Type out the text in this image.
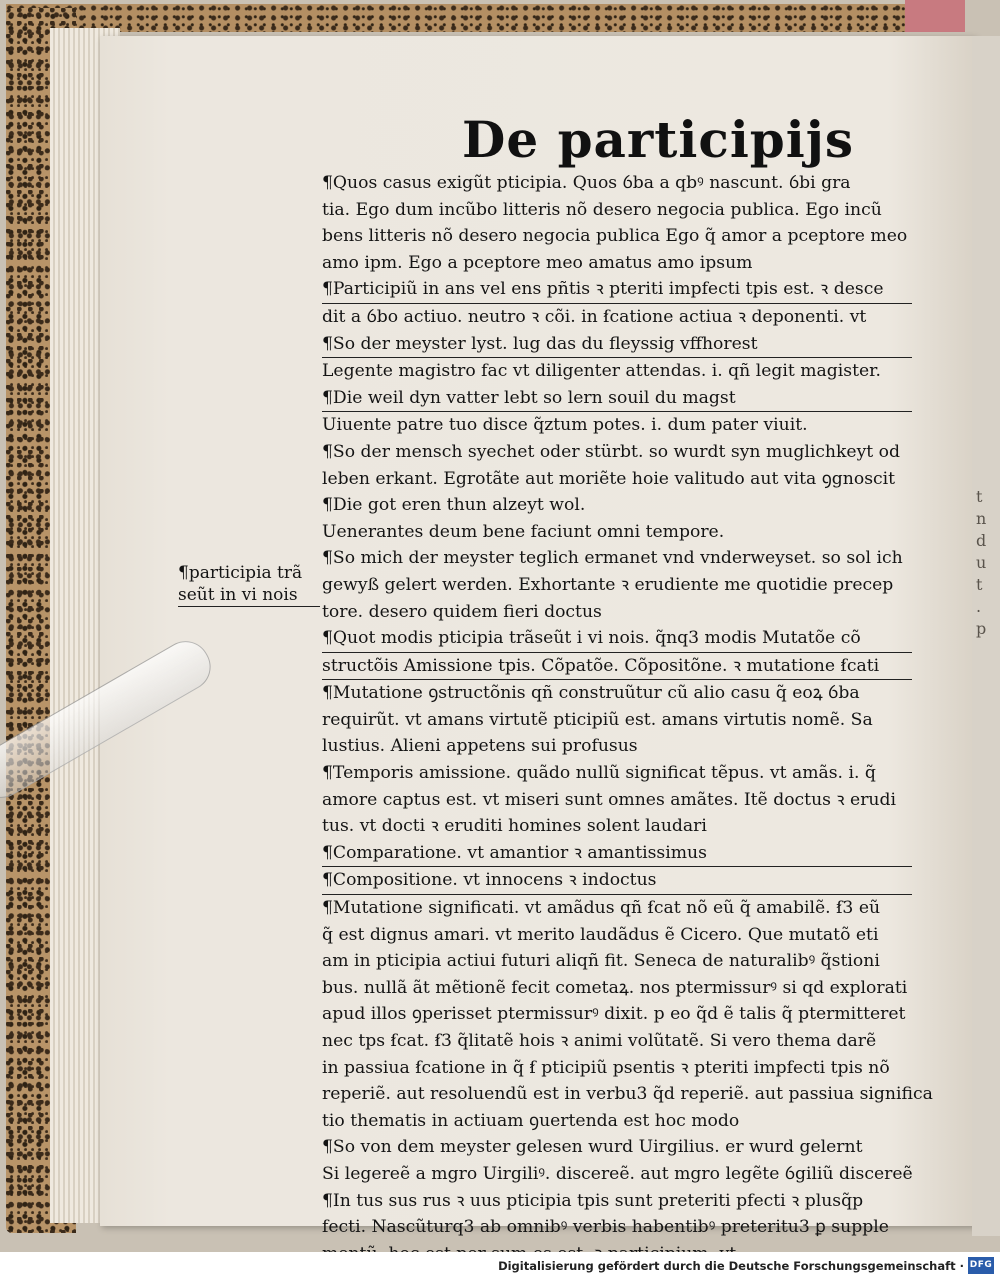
t
n
d
u
t
.
p
De participijs
¶participia trã
seũt in vi nois
¶Quos casus exigũt pticipia. Quos ỽba a qbꝰ nascunt. ỽbi gra
tia. Ego dum incũbo litteris nõ desero negocia publica. Ego incũ
bens litteris nõ desero negocia publica Ego q̃ amor a pceptore meo
amo ipm. Ego a pceptore meo amatus amo ipsum
¶Participiũ in ans vel ens pñtis ꝛ pteriti impfecti tpis est. ꝛ desce
dit a ỽbo actiuo. neutro ꝛ cõi. in ẜcatione actiua ꝛ deponenti. vt
¶So der meyster lyst. lug das du fleyssig vffhorest
Legente magistro fac vt diligenter attendas. i. qñ legit magister.
¶Die weil dyn vatter lebt so lern souil du magst
Uiuente patre tuo disce q̃ztum potes. i. dum pater viuit.
¶So der mensch syechet oder stürbt. so wurdt syn muglichkeyt od
leben erkant. Egrotãte aut moriẽte hoie valitudo aut vita ꝯgnoscit
¶Die got eren thun alzeyt wol.
Uenerantes deum bene faciunt omni tempore.
¶So mich der meyster teglich ermanet vnd vnderweyset. so sol ich
gewyß gelert werden. Exhortante ꝛ erudiente me quotidie precep
tore. desero quidem fieri doctus
¶Quot modis pticipia trãseũt i vi nois. q̃nq3 modis Mutatõe cõ
structõis Amissione tpis. Cõpatõe. Cõpositõne. ꝛ mutatione ẜcati
¶Mutatione ꝯstructõnis qñ construũtur cũ alio casu q̃ eoꝝ ỽba
requirũt. vt amans virtutẽ pticipiũ est. amans virtutis nomẽ. Sa
lustius. Alieni appetens sui profusus
¶Temporis amissione. quãdo nullũ significat tẽpus. vt amãs. i. q̃
amore captus est. vt miseri sunt omnes amãtes. Itẽ doctus ꝛ erudi
tus. vt docti ꝛ eruditi homines solent laudari
¶Comparatione. vt amantior ꝛ amantissimus
¶Compositione. vt innocens ꝛ indoctus
¶Mutatione significati. vt amãdus qñ ẜcat nõ eũ q̃ amabilẽ. ẜ3 eũ
q̃ est dignus amari. vt merito laudãdus ẽ Cicero. Que mutatõ eti
am in pticipia actiui futuri aliqñ fit. Seneca de naturalibꝰ q̃stioni
bus. nullã ãt mẽtionẽ fecit cometaꝝ. nos ptermissurꝰ si qd explorati
apud illos ꝯperisset ptermissurꝰ dixit. p eo q̃d ẽ talis q̃ ptermitteret
nec tps ẜcat. ẜ3 q̃litatẽ hois ꝛ animi volũtatẽ. Si vero thema darẽ
in passiua ẜcatione in q̃ ẜ pticipiũ psentis ꝛ pteriti impfecti tpis nõ
reperiẽ. aut resoluendũ est in verbu3 q̃d reperiẽ. aut passiua significa
tio thematis in actiuam ꝯuertenda est hoc modo
¶So von dem meyster gelesen wurd Uirgilius. er wurd gelernt
Si legereẽ a mgro Uirgiliꝰ. discereẽ. aut mgro legẽte ỽgiliũ discereẽ
¶In tus sus rus ꝛ uus pticipia tpis sunt preteriti pfecti ꝛ plusq̃p
fecti. Nascũturq3 ab omnibꝰ verbis habentibꝰ preteritu3 ꝑ supple
Digitalisierung gefördert durch die Deutsche Forschungsgemeinschaft · DFG
